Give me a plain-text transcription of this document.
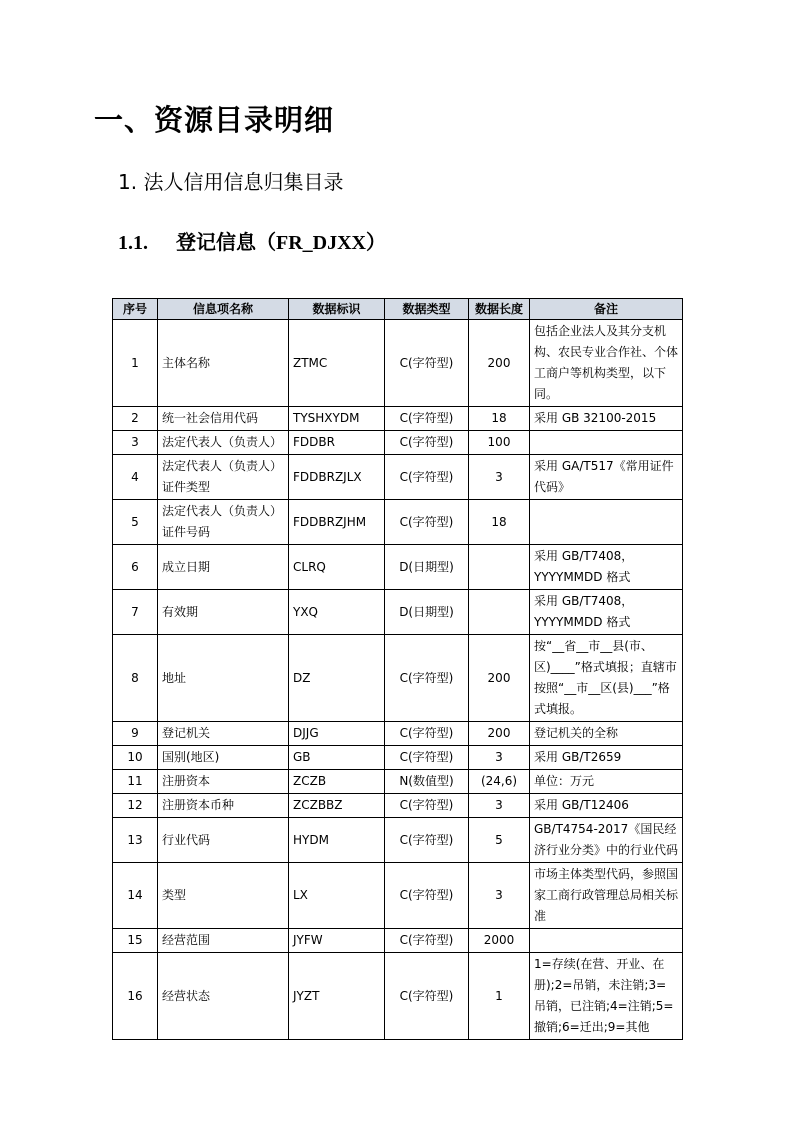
一、资源目录明细
1. 法人信用信息归集目录
1.1. 登记信息（FR_DJXX）
序号	信息项名称	数据标识	数据类型	数据长度	备注
1	主体名称	ZTMC	C(字符型)	200	包括企业法人及其分支机构、农民专业合作社、个体工商户等机构类型，以下同。
2	统一社会信用代码	TYSHXYDM	C(字符型)	18	采用 GB 32100-2015
3	法定代表人（负责人）	FDDBR	C(字符型)	100	
4	法定代表人（负责人）证件类型	FDDBRZJLX	C(字符型)	3	采用 GA/T517《常用证件代码》
5	法定代表人（负责人）证件号码	FDDBRZJHM	C(字符型)	18	
6	成立日期	CLRQ	D(日期型)		采用 GB/T7408，YYYYMMDD 格式
7	有效期	YXQ	D(日期型)		采用 GB/T7408，YYYYMMDD 格式
8	地址	DZ	C(字符型)	200	按“__省__市__县(市、区)____”格式填报；直辖市按照“__市__区(县)___”格式填报。
9	登记机关	DJJG	C(字符型)	200	登记机关的全称
10	国别(地区)	GB	C(字符型)	3	采用 GB/T2659
11	注册资本	ZCZB	N(数值型)	(24,6)	单位：万元
12	注册资本币种	ZCZBBZ	C(字符型)	3	采用 GB/T12406
13	行业代码	HYDM	C(字符型)	5	GB/T4754-2017《国民经济行业分类》中的行业代码
14	类型	LX	C(字符型)	3	市场主体类型代码，参照国家工商行政管理总局相关标准
15	经营范围	JYFW	C(字符型)	2000	
16	经营状态	JYZT	C(字符型)	1	1=存续(在营、开业、在册);2=吊销，未注销;3=吊销，已注销;4=注销;5=撤销;6=迁出;9=其他
